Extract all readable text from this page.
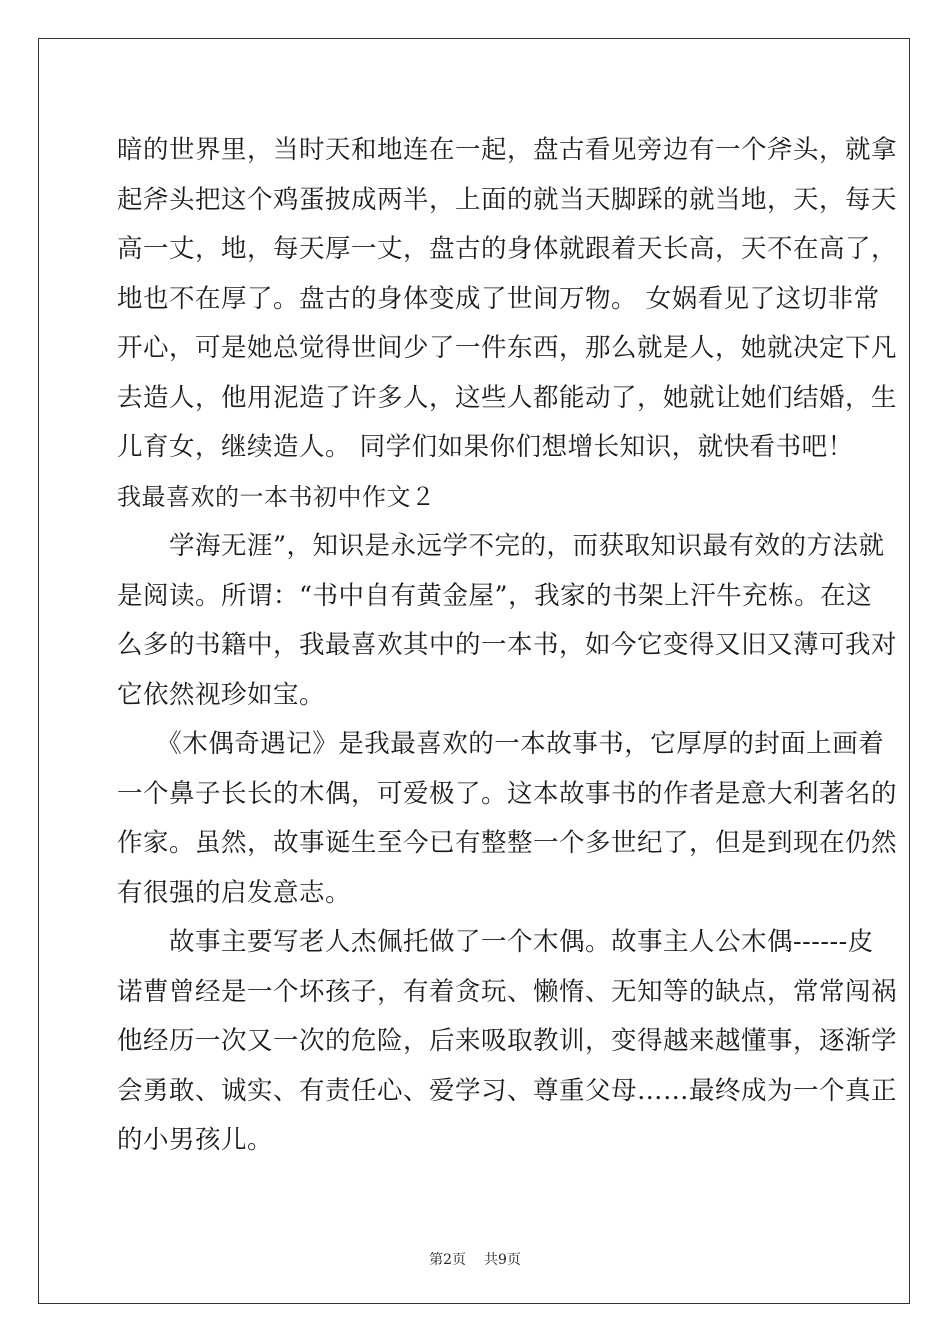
暗的世界里，当时天和地连在一起，盘古看见旁边有一个斧头，就拿
起斧头把这个鸡蛋披成两半，上面的就当天脚踩的就当地，天，每天
高一丈，地，每天厚一丈，盘古的身体就跟着天长高，天不在高了，
地也不在厚了。盘古的身体变成了世间万物。 女娲看见了这切非常
开心，可是她总觉得世间少了一件东西，那么就是人，她就决定下凡
去造人，他用泥造了许多人，这些人都能动了，她就让她们结婚，生
儿育女，继续造人。 同学们如果你们想增长知识，就快看书吧！
我最喜欢的一本书初中作文２
　　学海无涯”，知识是永远学不完的，而获取知识最有效的方法就
是阅读。所谓：“书中自有黄金屋”，我家的书架上汗牛充栋。在这
么多的书籍中，我最喜欢其中的一本书，如今它变得又旧又薄可我对
它依然视珍如宝。
　　《木偶奇遇记》是我最喜欢的一本故事书，它厚厚的封面上画着
一个鼻子长长的木偶，可爱极了。这本故事书的作者是意大利著名的
作家。虽然，故事诞生至今已有整整一个多世纪了，但是到现在仍然
有很强的启发意志。
　　故事主要写老人杰佩托做了一个木偶。故事主人公木偶------皮
诺曹曾经是一个坏孩子，有着贪玩、懒惰、无知等的缺点，常常闯祸
他经历一次又一次的危险，后来吸取教训，变得越来越懂事，逐渐学
会勇敢、诚实、有责任心、爱学习、尊重父母……最终成为一个真正
的小男孩儿。
第2页 共9页
